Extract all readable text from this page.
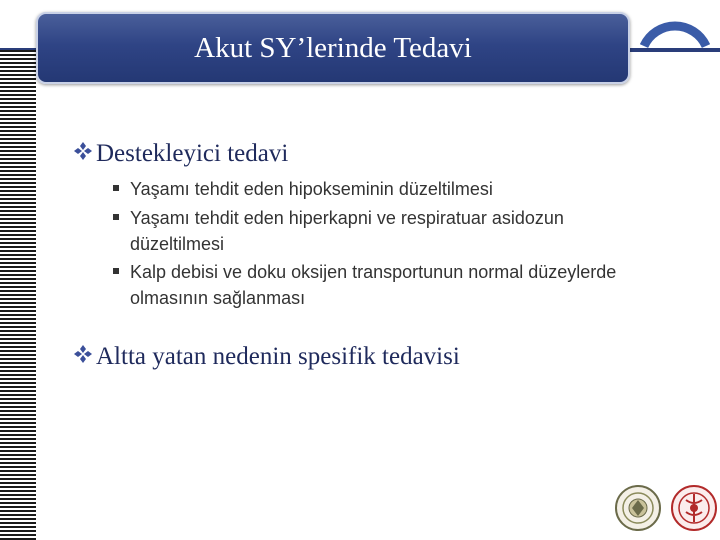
Akut SY’lerinde Tedavi
Destekleyici tedavi
Yaşamı tehdit eden hipokseminin düzeltilmesi
Yaşamı tehdit eden hiperkapni ve respiratuar asidozun düzeltilmesi
Kalp debisi ve doku oksijen transportunun normal düzeylerde olmasının sağlanması
Altta yatan nedenin spesifik tedavisi
